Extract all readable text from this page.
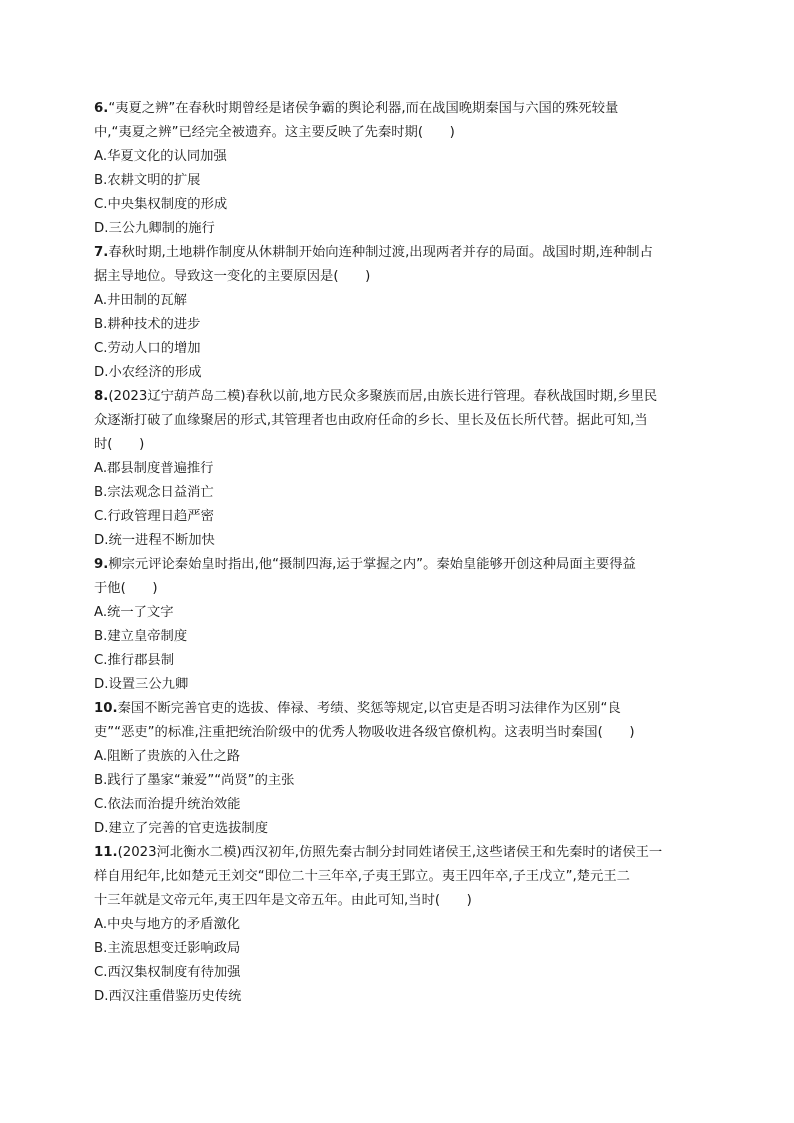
6.“夷夏之辨”在春秋时期曾经是诸侯争霸的舆论利器,而在战国晚期秦国与六国的殊死较量
中,“夷夏之辨”已经完全被遗弃。这主要反映了先秦时期(　　)
A.华夏文化的认同加强
B.农耕文明的扩展
C.中央集权制度的形成
D.三公九卿制的施行
7.春秋时期,土地耕作制度从休耕制开始向连种制过渡,出现两者并存的局面。战国时期,连种制占
据主导地位。导致这一变化的主要原因是(　　)
A.井田制的瓦解
B.耕种技术的进步
C.劳动人口的增加
D.小农经济的形成
8.(2023辽宁葫芦岛二模)春秋以前,地方民众多聚族而居,由族长进行管理。春秋战国时期,乡里民
众逐渐打破了血缘聚居的形式,其管理者也由政府任命的乡长、里长及伍长所代替。据此可知,当
时(　　)
A.郡县制度普遍推行
B.宗法观念日益消亡
C.行政管理日趋严密
D.统一进程不断加快
9.柳宗元评论秦始皇时指出,他“摄制四海,运于掌握之内”。秦始皇能够开创这种局面主要得益
于他(　　)
A.统一了文字
B.建立皇帝制度
C.推行郡县制
D.设置三公九卿
10.秦国不断完善官吏的选拔、俸禄、考绩、奖惩等规定,以官吏是否明习法律作为区别“良
吏”“恶吏”的标准,注重把统治阶级中的优秀人物吸收进各级官僚机构。这表明当时秦国(　　)
A.阻断了贵族的入仕之路
B.践行了墨家“兼爱”“尚贤”的主张
C.依法而治提升统治效能
D.建立了完善的官吏选拔制度
11.(2023河北衡水二模)西汉初年,仿照先秦古制分封同姓诸侯王,这些诸侯王和先秦时的诸侯王一
样自用纪年,比如楚元王刘交“即位二十三年卒,子夷王郢立。夷王四年卒,子王戊立”,楚元王二
十三年就是文帝元年,夷王四年是文帝五年。由此可知,当时(　　)
A.中央与地方的矛盾激化
B.主流思想变迁影响政局
C.西汉集权制度有待加强
D.西汉注重借鉴历史传统
